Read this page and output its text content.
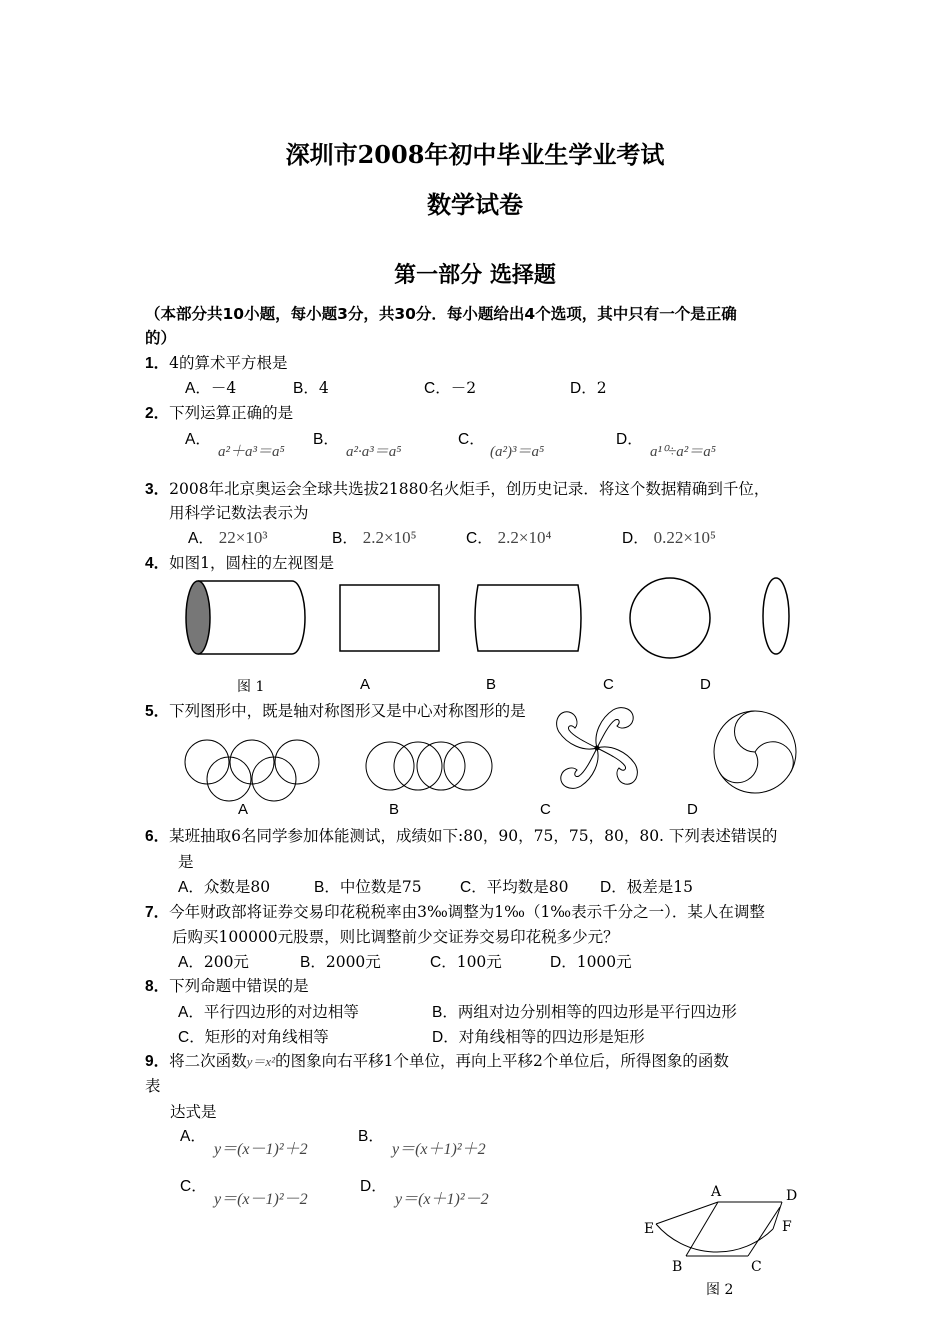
深圳市2008年初中毕业生学业考试
数学试卷
第一部分 选择题
（本部分共10小题，每小题3分，共30分．每小题给出4个选项，其中只有一个是正确
的）
1．4的算术平方根是
A．－4	B．4	C．－2	D．2
2．下列运算正确的是
A．
a²＋a³＝a⁵
B．
a²·a³＝a⁵
C．
(a²)³＝a⁵
D．
a¹⁰÷a²＝a⁵
3．2008年北京奥运会全球共选拔21880名火炬手，创历史记录．将这个数据精确到千位，
用科学记数法表示为
A． 22×10³	B． 2.2×10⁵	C． 2.2×10⁴	D． 0.22×10⁵
4．如图1，圆柱的左视图是
图 1	A	B	C	D
5．下列图形中，既是轴对称图形又是中心对称图形的是
A	B	C	D
6．某班抽取6名同学参加体能测试，成绩如下:80，90，75，75，80，80. 下列表述错误的
是
A．众数是80	B．中位数是75 C．平均数是80 D．极差是15
7．今年财政部将证券交易印花税税率由3‰调整为1‰（1‰表示千分之一）．某人在调整
后购买100000元股票，则比调整前少交证券交易印花税多少元？
A．200元	B．2000元	C．100元	D．1000元
8．下列命题中错误的是
A．平行四边形的对边相等	B．两组对边分别相等的四边形是平行四边形
C．矩形的对角线相等	D．对角线相等的四边形是矩形
9．将二次函数y＝x²的图象向右平移1个单位，再向上平移2个单位后，所得图象的函数
表
达式是
A．
y＝(x－1)²＋2
B．
y＝(x＋1)²＋2
C．
y＝(x－1)²－2
D．
y＝(x＋1)²－2	A	D
E	F
B	C
图 2
